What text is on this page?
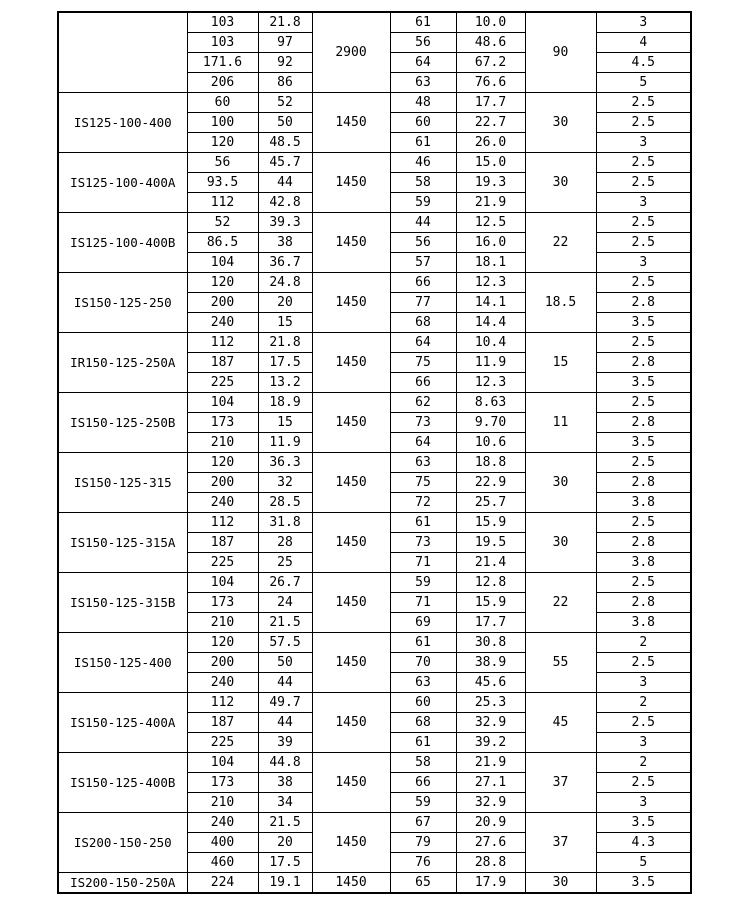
	103	21.8	2900	61	10.0	90	3
	103	97		56	48.6		4
	171.6	92		64	67.2		4.5
	206	86		63	76.6		5
IS125-100-400	60	52	1450	48	17.7	30	2.5
	100	50		60	22.7		2.5
	120	48.5		61	26.0		3
IS125-100-400A	56	45.7	1450	46	15.0	30	2.5
	93.5	44		58	19.3		2.5
	112	42.8		59	21.9		3
IS125-100-400B	52	39.3	1450	44	12.5	22	2.5
	86.5	38		56	16.0		2.5
	104	36.7		57	18.1		3
IS150-125-250	120	24.8	1450	66	12.3	18.5	2.5
	200	20		77	14.1		2.8
	240	15		68	14.4		3.5
IR150-125-250A	112	21.8	1450	64	10.4	15	2.5
	187	17.5		75	11.9		2.8
	225	13.2		66	12.3		3.5
IS150-125-250B	104	18.9	1450	62	8.63	11	2.5
	173	15		73	9.70		2.8
	210	11.9		64	10.6		3.5
IS150-125-315	120	36.3	1450	63	18.8	30	2.5
	200	32		75	22.9		2.8
	240	28.5		72	25.7		3.8
IS150-125-315A	112	31.8	1450	61	15.9	30	2.5
	187	28		73	19.5		2.8
	225	25		71	21.4		3.8
IS150-125-315B	104	26.7	1450	59	12.8	22	2.5
	173	24		71	15.9		2.8
	210	21.5		69	17.7		3.8
IS150-125-400	120	57.5	1450	61	30.8	55	2
	200	50		70	38.9		2.5
	240	44		63	45.6		3
IS150-125-400A	112	49.7	1450	60	25.3	45	2
	187	44		68	32.9		2.5
	225	39		61	39.2		3
IS150-125-400B	104	44.8	1450	58	21.9	37	2
	173	38		66	27.1		2.5
	210	34		59	32.9		3
IS200-150-250	240	21.5	1450	67	20.9	37	3.5
	400	20		79	27.6		4.3
	460	17.5		76	28.8		5
IS200-150-250A	224	19.1	1450	65	17.9	30	3.5
